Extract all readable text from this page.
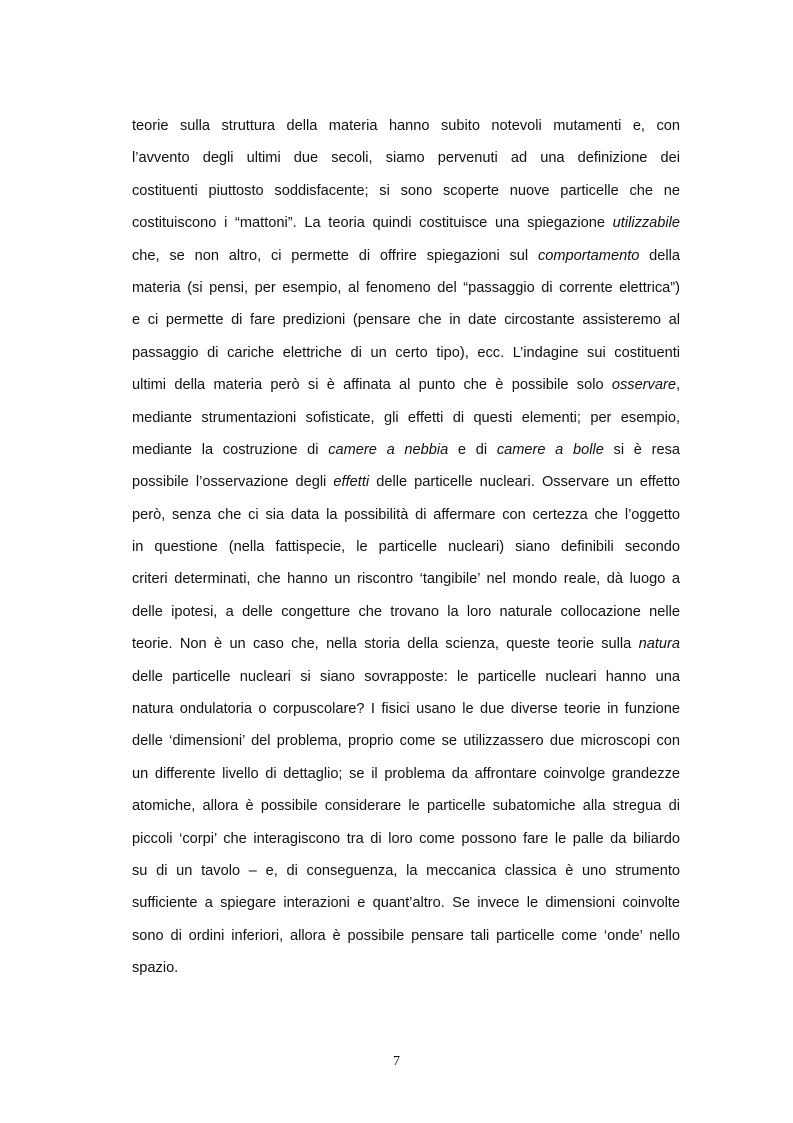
teorie sulla struttura della materia hanno subito notevoli mutamenti e, con
l’avvento degli ultimi due secoli, siamo pervenuti ad una definizione dei
costituenti piuttosto soddisfacente; si sono scoperte nuove particelle che ne
costituiscono i “mattoni”. La teoria quindi costituisce una spiegazione utilizzabile
che, se non altro, ci permette di offrire spiegazioni sul comportamento della
materia (si pensi, per esempio, al fenomeno del “passaggio di corrente elettrica”)
e ci permette di fare predizioni (pensare che in date circostante assisteremo al
passaggio di cariche elettriche di un certo tipo), ecc. L’indagine sui costituenti
ultimi della materia però si è affinata al punto che è possibile solo osservare,
mediante strumentazioni sofisticate, gli effetti di questi elementi; per esempio,
mediante la costruzione di camere a nebbia e di camere a bolle si è resa
possibile l’osservazione degli effetti delle particelle nucleari. Osservare un effetto
però, senza che ci sia data la possibilità di affermare con certezza che l’oggetto
in questione (nella fattispecie, le particelle nucleari) siano definibili secondo
criteri determinati, che hanno un riscontro ‘tangibile’ nel mondo reale, dà luogo a
delle ipotesi, a delle congetture che trovano la loro naturale collocazione nelle
teorie. Non è un caso che, nella storia della scienza, queste teorie sulla natura
delle particelle nucleari si siano sovrapposte: le particelle nucleari hanno una
natura ondulatoria o corpuscolare? I fisici usano le due diverse teorie in funzione
delle ‘dimensioni’ del problema, proprio come se utilizzassero due microscopi con
un differente livello di dettaglio; se il problema da affrontare coinvolge grandezze
atomiche, allora è possibile considerare le particelle subatomiche alla stregua di
piccoli ‘corpi’ che interagiscono tra di loro come possono fare le palle da biliardo
su di un tavolo – e, di conseguenza, la meccanica classica è uno strumento
sufficiente a spiegare interazioni e quant’altro. Se invece le dimensioni coinvolte
sono di ordini inferiori, allora è possibile pensare tali particelle come ‘onde’ nello
spazio.
7
